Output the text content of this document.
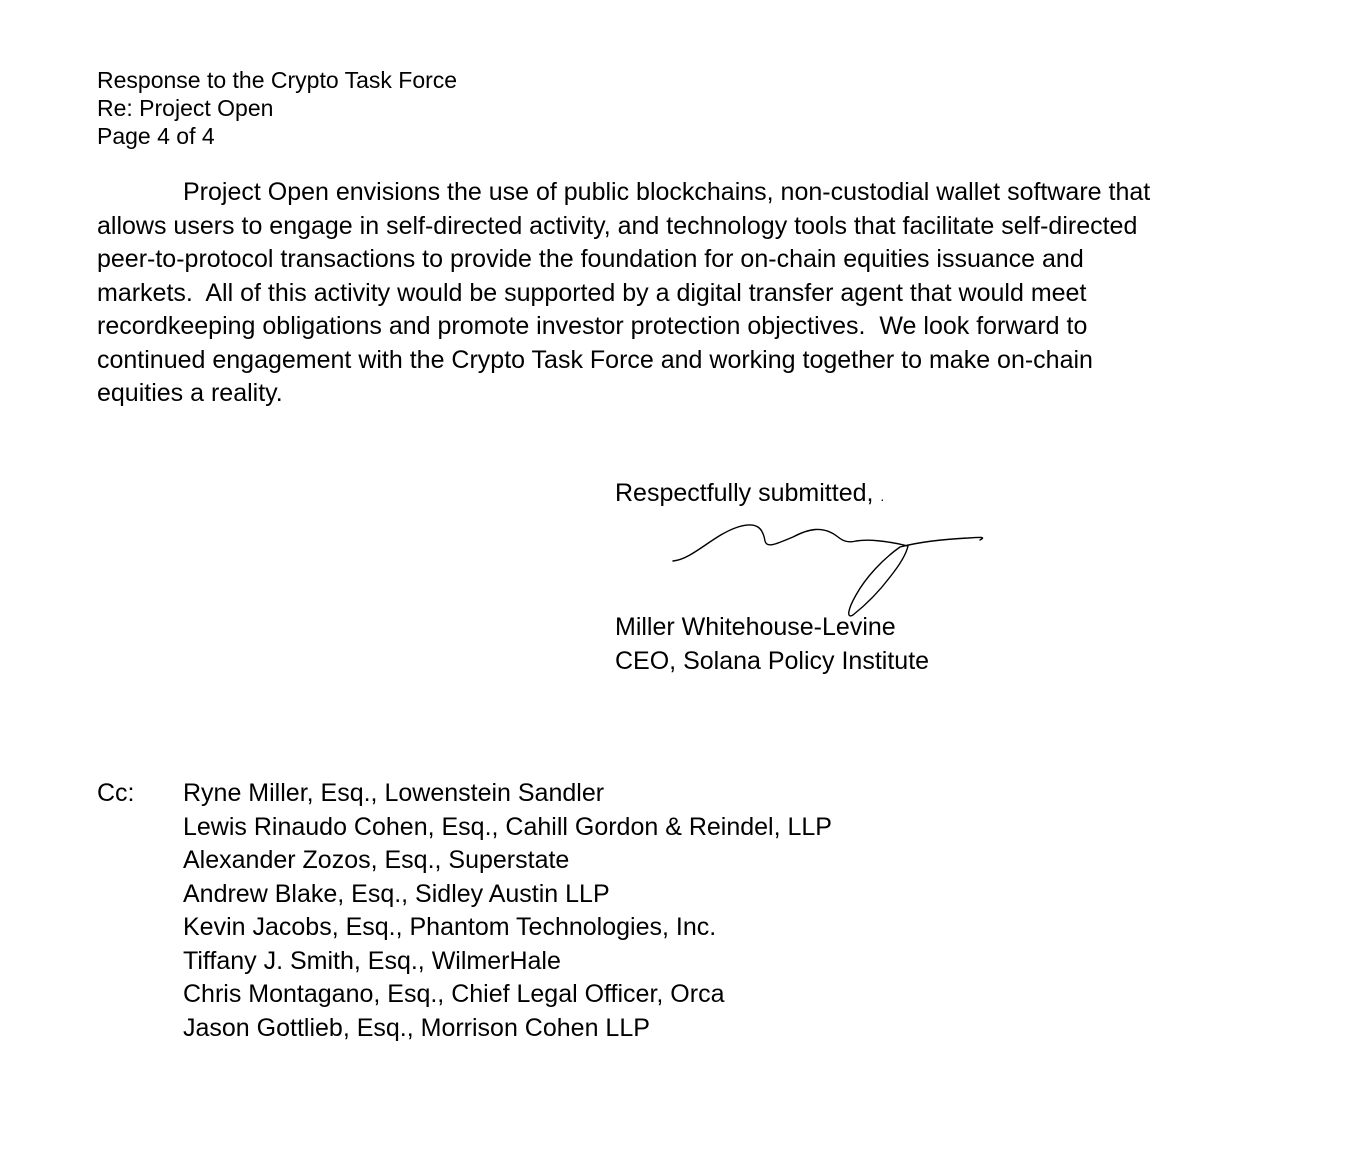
Response to the Crypto Task Force
Re: Project Open
Page 4 of 4

Project Open envisions the use of public blockchains, non-custodial wallet software that
allows users to engage in self-directed activity, and technology tools that facilitate self-directed
peer-to-protocol transactions to provide the foundation for on-chain equities issuance and
markets.  All of this activity would be supported by a digital transfer agent that would meet
recordkeeping obligations and promote investor protection objectives.  We look forward to
continued engagement with the Crypto Task Force and working together to make on-chain
equities a reality.

Respectfully submitted, .
Miller Whitehouse-Levine
CEO, Solana Policy Institute
Cc: Ryne Miller, Esq., Lowenstein Sandler
Lewis Rinaudo Cohen, Esq., Cahill Gordon & Reindel, LLP
Alexander Zozos, Esq., Superstate
Andrew Blake, Esq., Sidley Austin LLP
Kevin Jacobs, Esq., Phantom Technologies, Inc.
Tiffany J. Smith, Esq., WilmerHale
Chris Montagano, Esq., Chief Legal Officer, Orca
Jason Gottlieb, Esq., Morrison Cohen LLP
